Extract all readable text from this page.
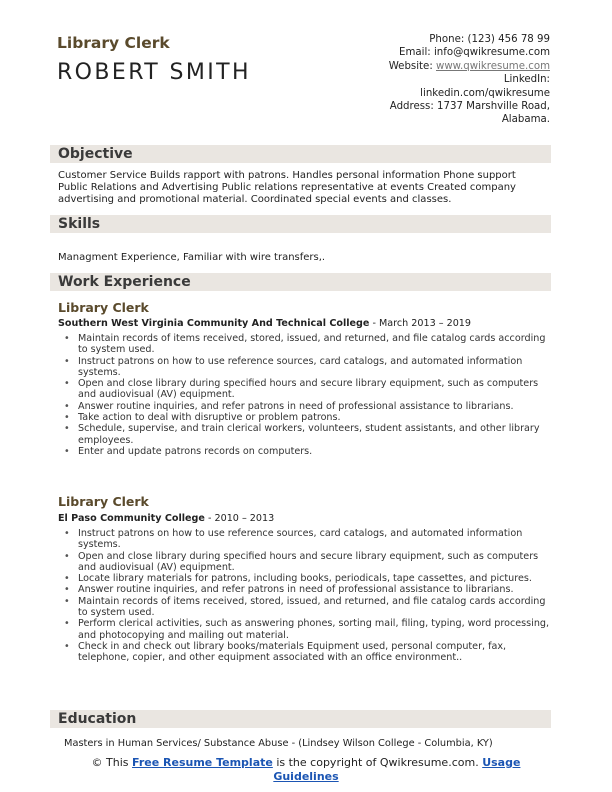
Library Clerk
ROBERT SMITH
Phone: (123) 456 78 99
Email: info@qwikresume.com
Website: www.qwikresume.com
LinkedIn:
linkedin.com/qwikresume
Address: 1737 Marshville Road,
Alabama.
Objective
Customer Service Builds rapport with patrons. Handles personal information Phone support Public Relations and Advertising Public relations representative at events Created company advertising and promotional material. Coordinated special events and classes.
Skills
Managment Experience, Familiar with wire transfers,.
Work Experience
Library Clerk
Southern West Virginia Community And Technical College - March 2013 – 2019
• Maintain records of items received, stored, issued, and returned, and file catalog cards according to system used.
• Instruct patrons on how to use reference sources, card catalogs, and automated information systems.
• Open and close library during specified hours and secure library equipment, such as computers and audiovisual (AV) equipment.
• Answer routine inquiries, and refer patrons in need of professional assistance to librarians.
• Take action to deal with disruptive or problem patrons.
• Schedule, supervise, and train clerical workers, volunteers, student assistants, and other library employees.
• Enter and update patrons records on computers.
Library Clerk
El Paso Community College - 2010 – 2013
• Instruct patrons on how to use reference sources, card catalogs, and automated information systems.
• Open and close library during specified hours and secure library equipment, such as computers and audiovisual (AV) equipment.
• Locate library materials for patrons, including books, periodicals, tape cassettes, and pictures.
• Answer routine inquiries, and refer patrons in need of professional assistance to librarians.
• Maintain records of items received, stored, issued, and returned, and file catalog cards according to system used.
• Perform clerical activities, such as answering phones, sorting mail, filing, typing, word processing, and photocopying and mailing out material.
• Check in and check out library books/materials Equipment used, personal computer, fax, telephone, copier, and other equipment associated with an office environment..
Education
Masters in Human Services/ Substance Abuse - (Lindsey Wilson College - Columbia, KY)
© This Free Resume Template is the copyright of Qwikresume.com. Usage
Guidelines
